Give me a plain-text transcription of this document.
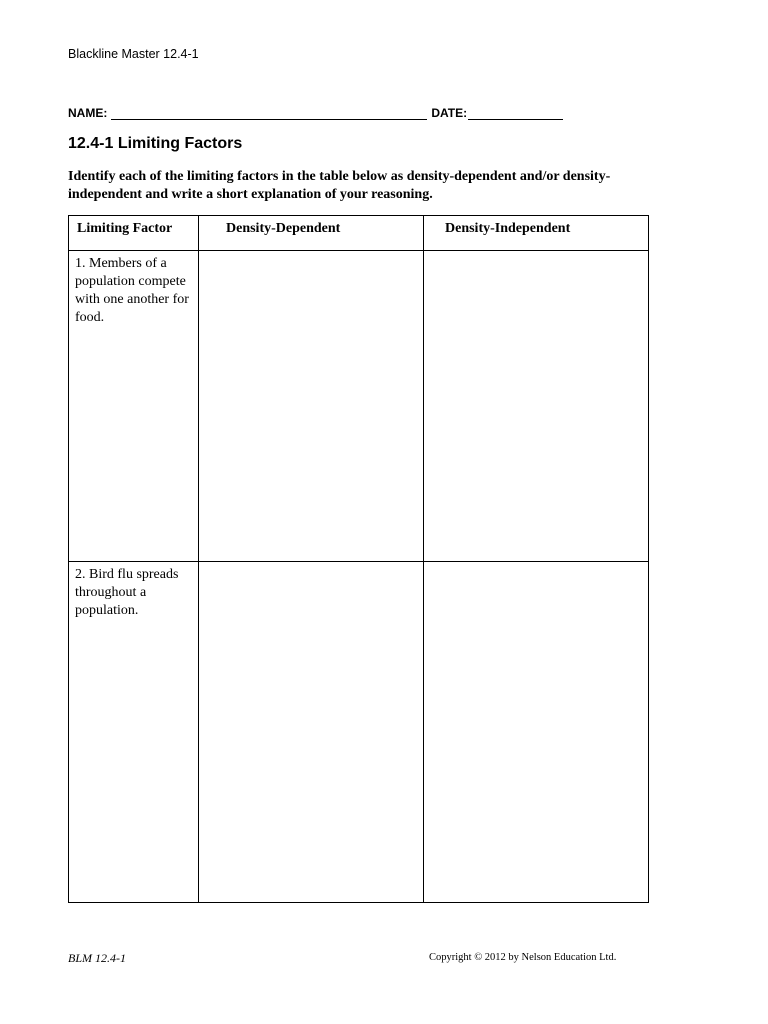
Blackline Master 12.4-1
NAME:	DATE:
12.4-1 Limiting Factors

Identify each of the limiting factors in the table below as density-dependent and/or density-independent and write a short explanation of your reasoning.

Limiting Factor	Density-Dependent	Density-Independent
1. Members of a population compete with one another for food.		
2. Bird flu spreads throughout a population.		
BLM 12.4-1	Copyright © 2012 by Nelson Education Ltd.
